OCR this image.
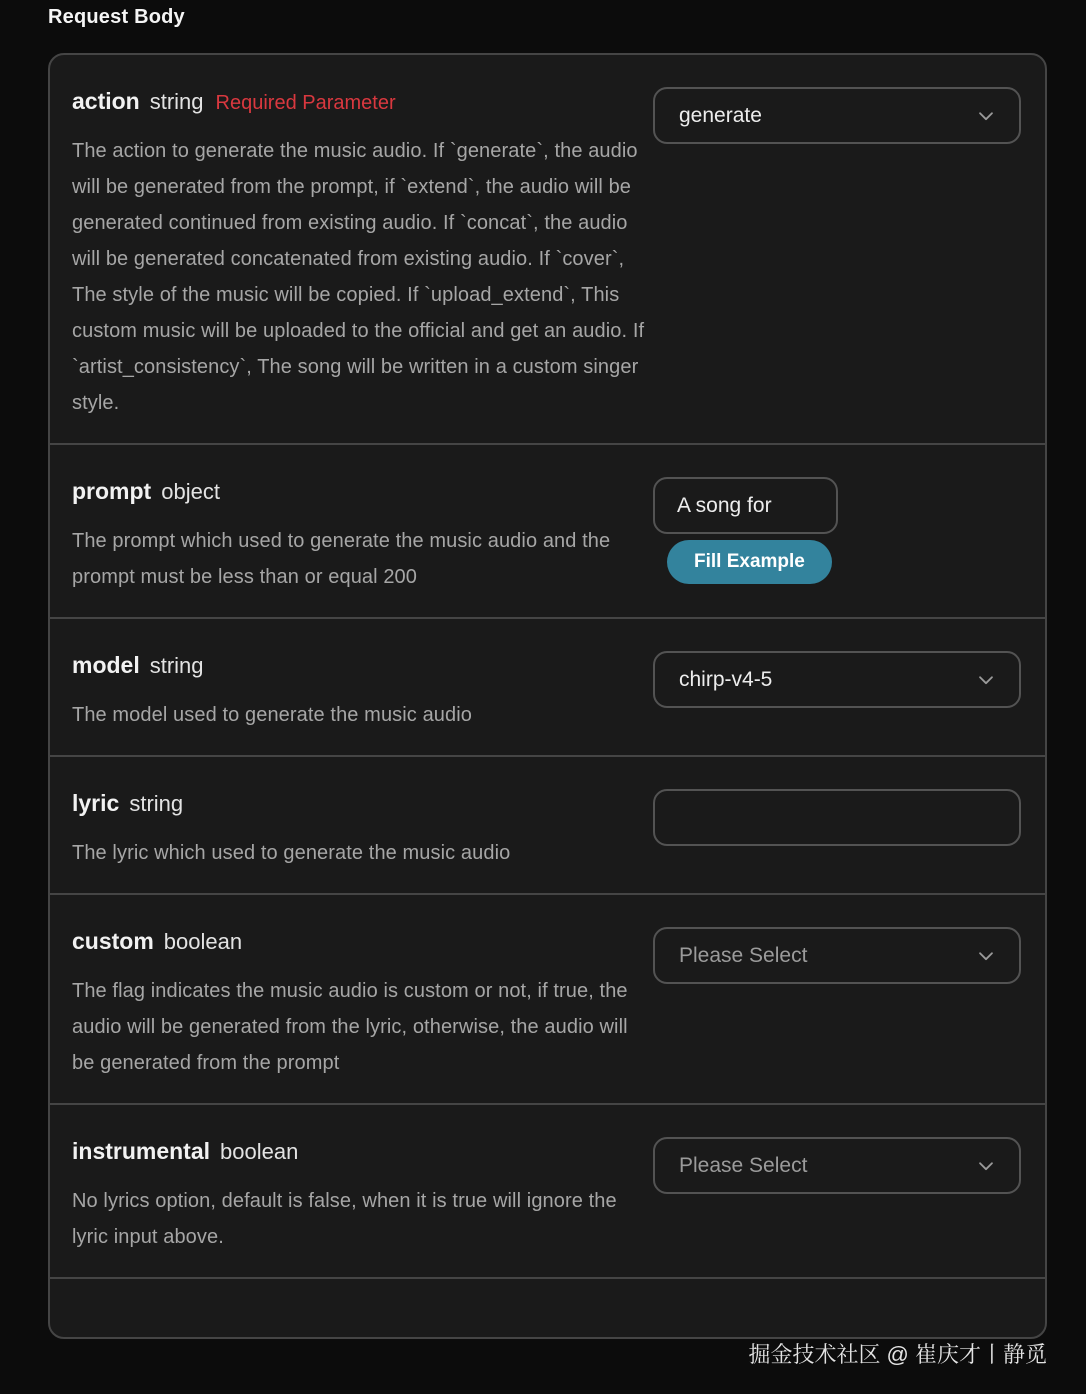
Request Body
action string Required Parameter
The action to generate the music audio. If `generate`, the audio will be generated from the prompt, if `extend`, the audio will be generated continued from existing audio. If `concat`, the audio will be generated concatenated from existing audio. If `cover`, The style of the music will be copied. If `upload_extend`, This custom music will be uploaded to the official and get an audio. If `artist_consistency`, The song will be written in a custom singer style.
generate
prompt object
The prompt which used to generate the music audio and the prompt must be less than or equal 200
A song for
Fill Example
model string
The model used to generate the music audio
chirp-v4-5
lyric string
The lyric which used to generate the music audio
custom boolean
The flag indicates the music audio is custom or not, if true, the audio will be generated from the lyric, otherwise, the audio will be generated from the prompt
Please Select
instrumental boolean
No lyrics option, default is false, when it is true will ignore the lyric input above.
Please Select
掘金技术社区 @ 崔庆才丨静觅
